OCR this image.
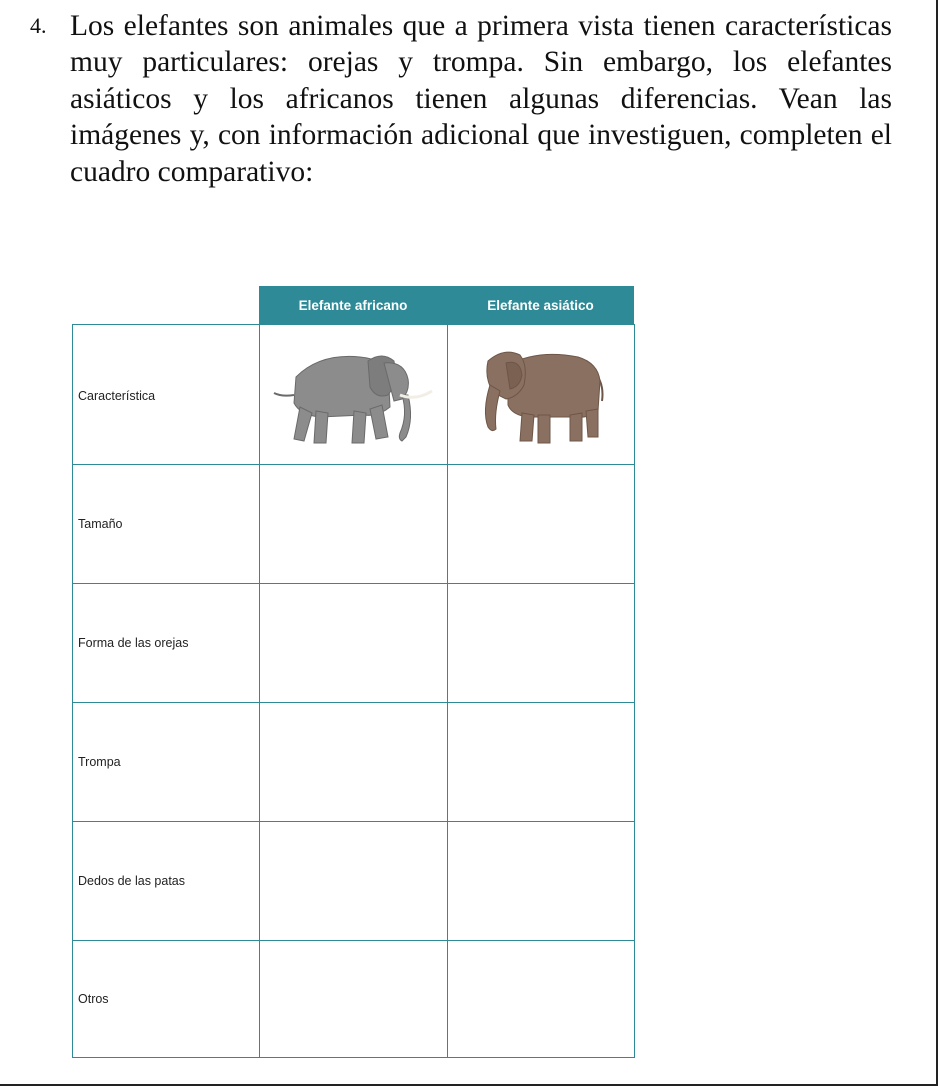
4. Los elefantes son animales que a primera vista tienen características muy particulares: orejas y trompa. Sin embargo, los elefantes asiáticos y los africanos tienen algunas diferencias. Vean las imágenes y, con información adicional que investiguen, completen el cuadro comparativo:
Elefante africano	Elefante asiático
Característica
Tamaño
Forma de las orejas
Trompa
Dedos de las patas
Otros
